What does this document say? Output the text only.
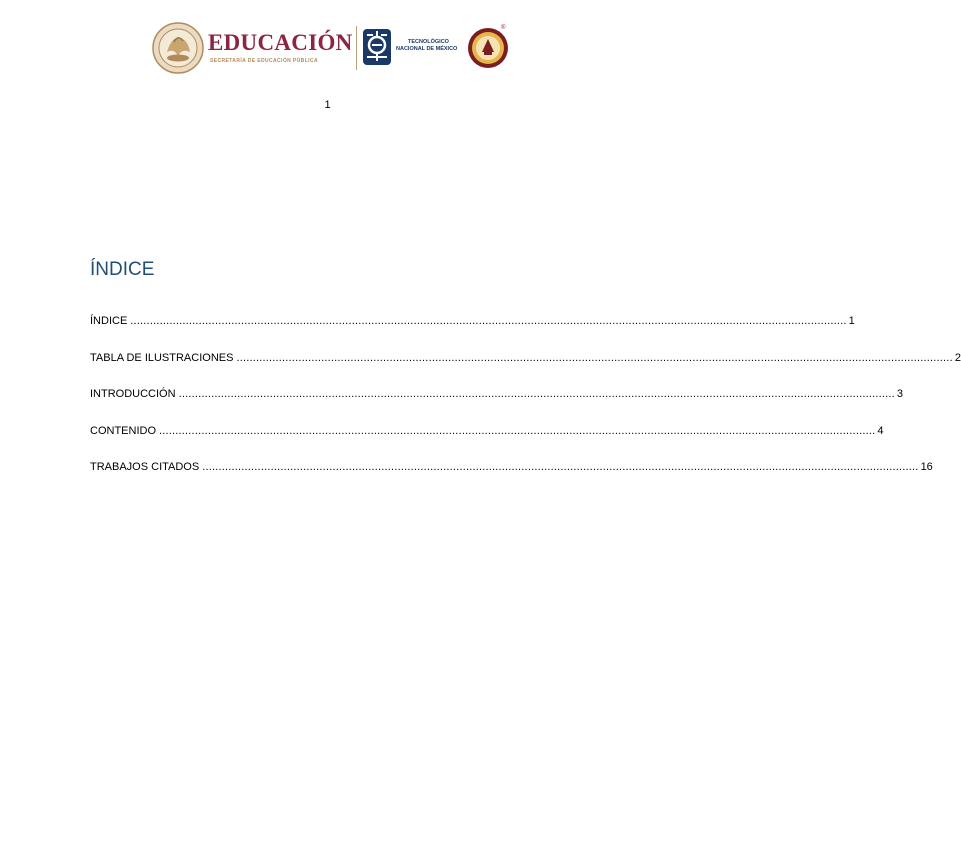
EDUCACIÓN
SECRETARÍA DE EDUCACIÓN PÚBLICA
TECNOLÓGICO
NACIONAL DE MÉXICO
®
1
ÍNDICE
ÍNDICE ............................................................................................................................................................................................................................ 1
TABLA DE ILUSTRACIONES ............................................................................................................................................................................................................................ 2
INTRODUCCIÓN ............................................................................................................................................................................................................................ 3
CONTENIDO ............................................................................................................................................................................................................................ 4
TRABAJOS CITADOS ............................................................................................................................................................................................................................ 16
